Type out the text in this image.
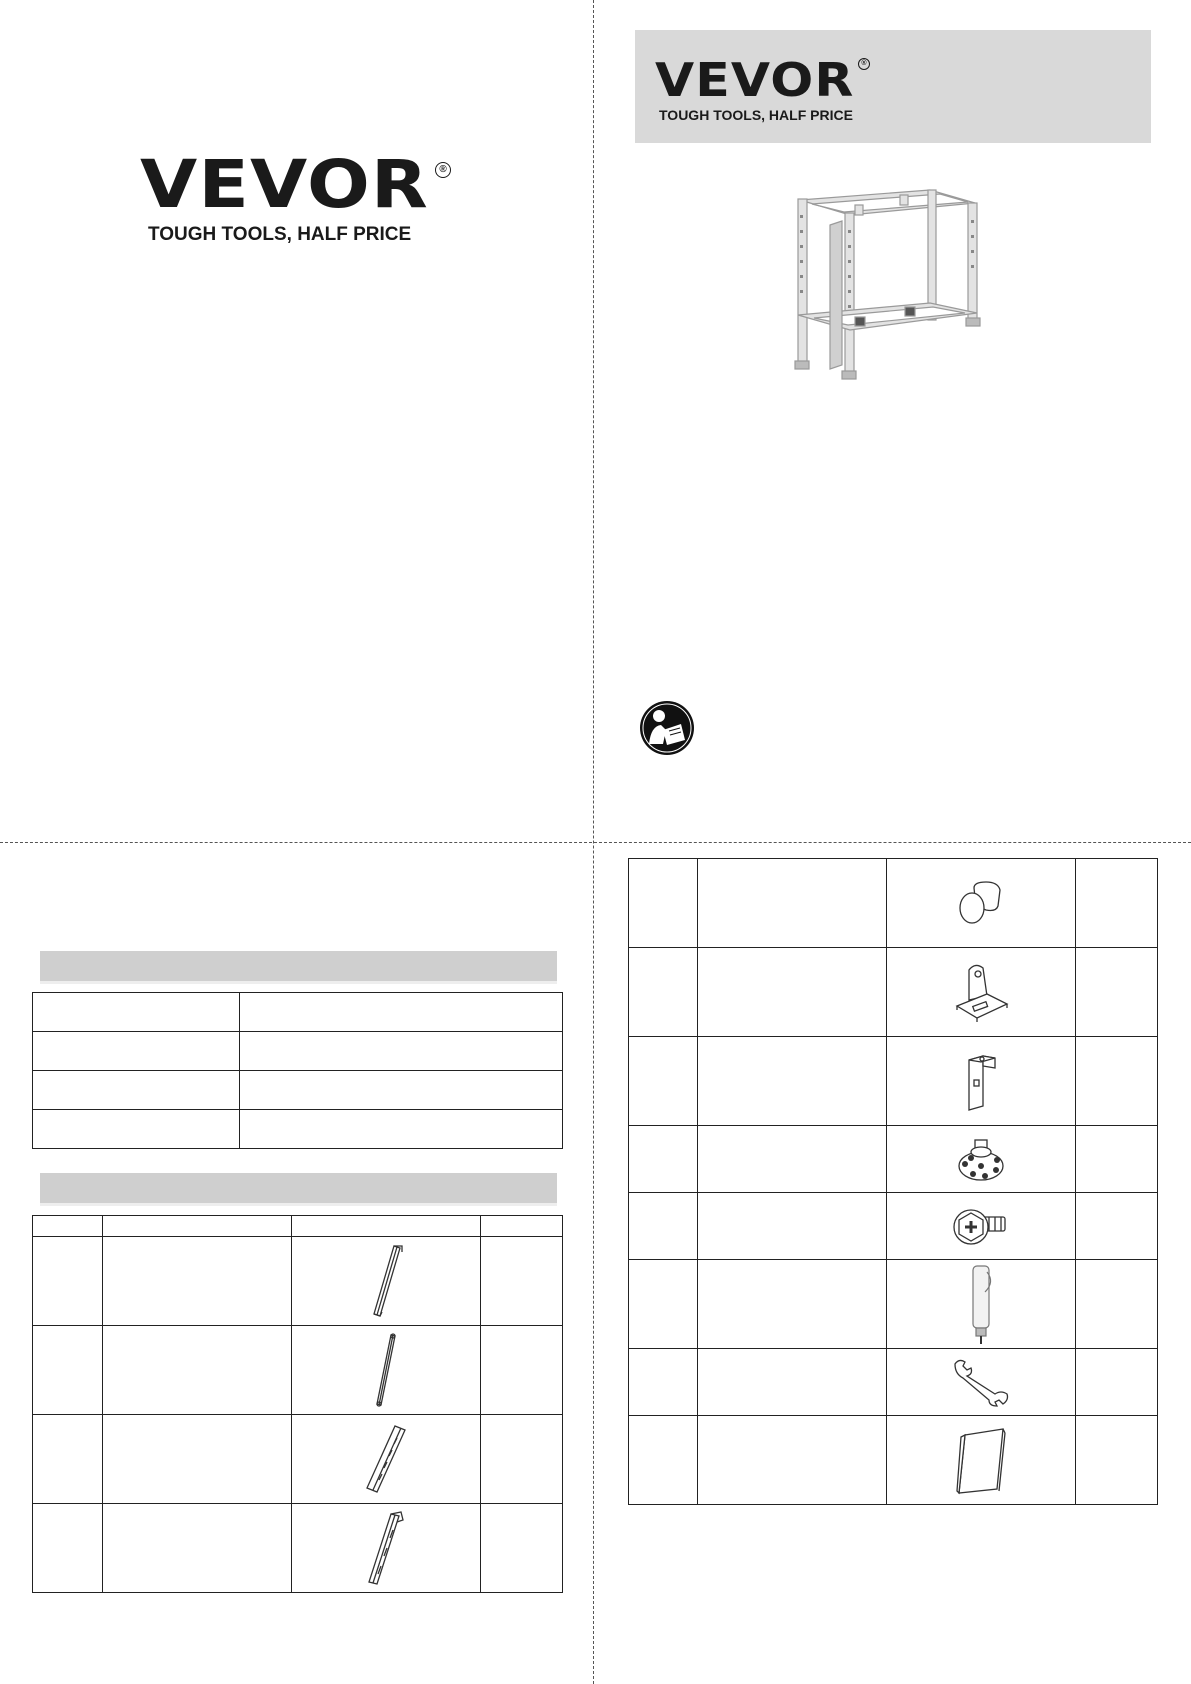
VEVOR	®
TOUGH TOOLS, HALF PRICE
VEVOR ®
TOUGH TOOLS, HALF PRICE
